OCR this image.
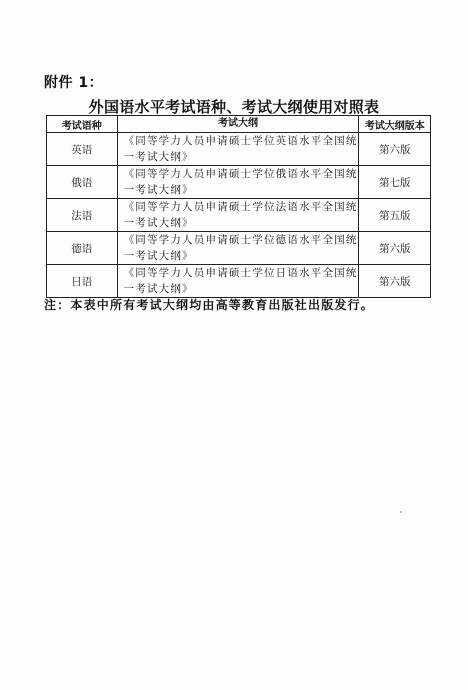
附件 1：
外国语水平考试语种、考试大纲使用对照表
考试语种	考试大纲	考试大纲版本
英语	《同等学力人员申请硕士学位英语水平全国统
一考试大纲》	第六版
俄语	《同等学力人员申请硕士学位俄语水平全国统
一考试大纲》	第七版
法语	《同等学力人员申请硕士学位法语水平全国统
一考试大纲》	第五版
德语	《同等学力人员申请硕士学位德语水平全国统
一考试大纲》	第六版
日语	《同等学力人员申请硕士学位日语水平全国统
一考试大纲》	第六版
注：本表中所有考试大纲均由高等教育出版社出版发行。
